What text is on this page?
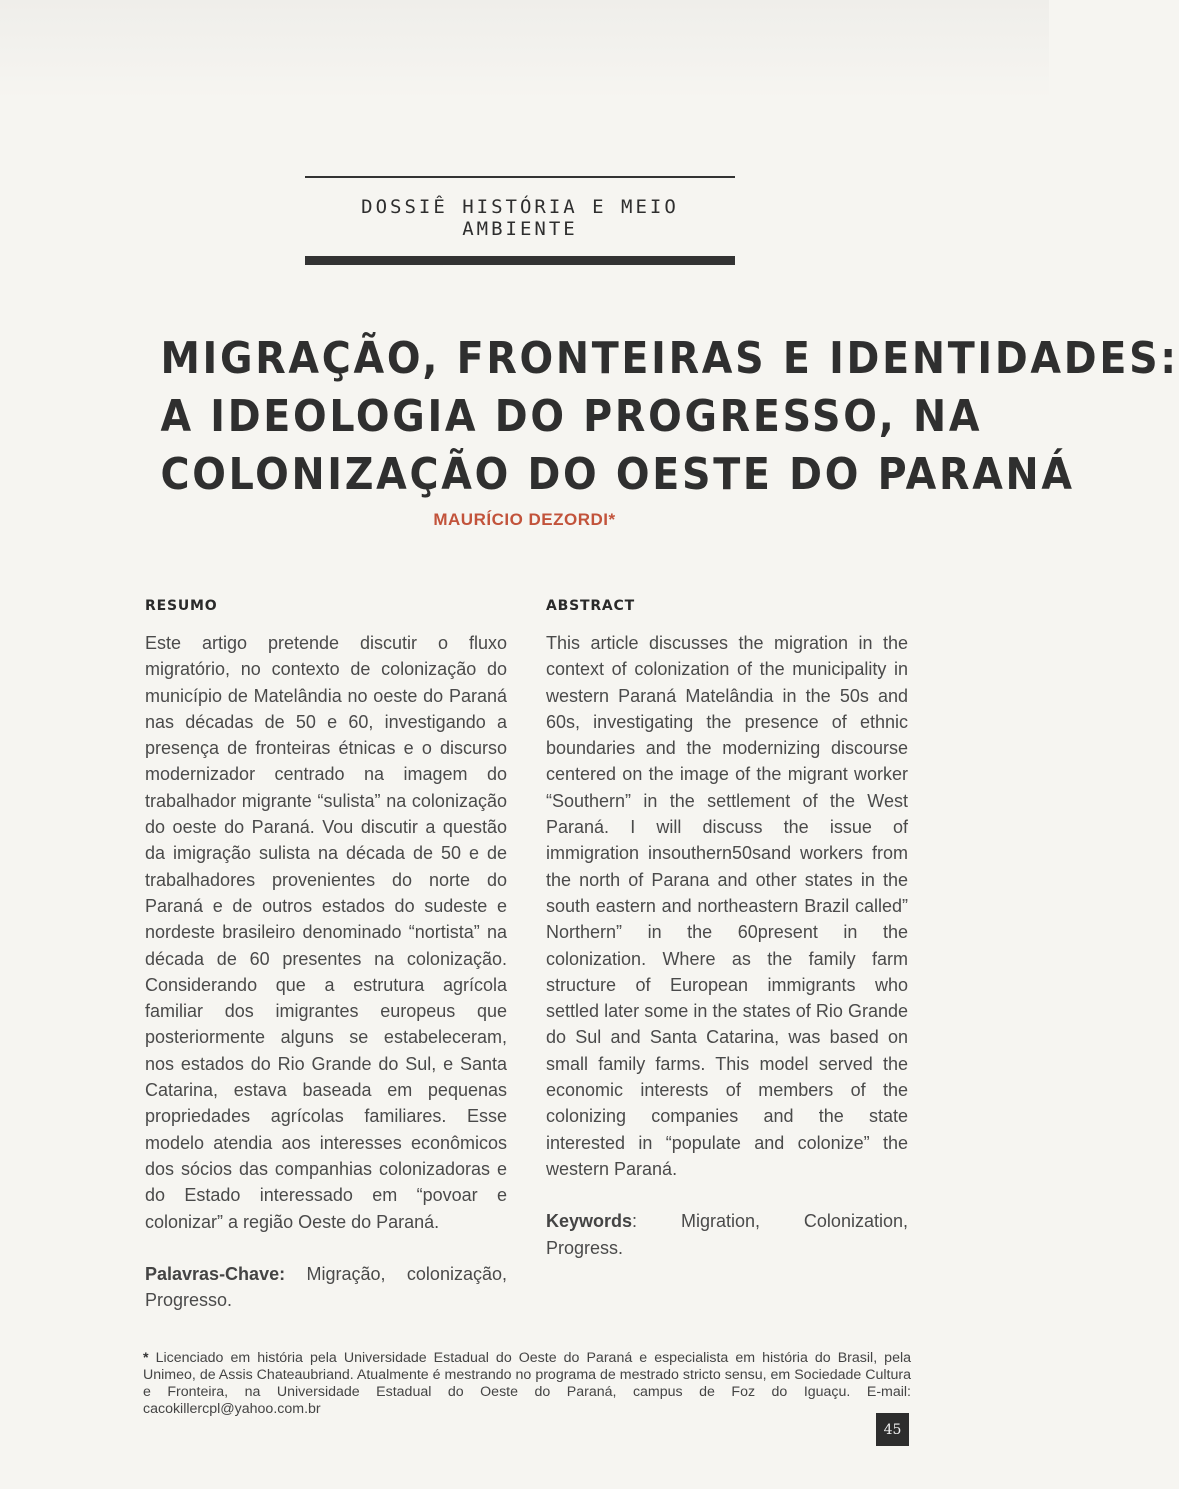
DOSSIÊ HISTÓRIA E MEIO AMBIENTE
MIGRAÇÃO, FRONTEIRAS E IDENTIDADES:
A IDEOLOGIA DO PROGRESSO, NA
COLONIZAÇÃO DO OESTE DO PARANÁ
MAURÍCIO DEZORDI*
RESUMO

Este artigo pretende discutir o fluxo migratório, no contexto de colonização do município de Matelândia no oeste do Paraná nas décadas de 50 e 60, investigando a presença de fronteiras étnicas e o discurso modernizador centrado na imagem do trabalhador migrante “sulista” na colonização do oeste do Paraná. Vou discutir a questão da imigração sulista na década de 50 e de trabalhadores provenientes do norte do Paraná e de outros estados do sudeste e nordeste brasileiro denominado “nortista” na década de 60 presentes na colonização. Considerando que a estrutura agrícola familiar dos imigrantes europeus que posteriormente alguns se estabeleceram, nos estados do Rio Grande do Sul, e Santa Catarina, estava baseada em pequenas propriedades agrícolas familiares. Esse modelo atendia aos interesses econômicos dos sócios das companhias colonizadoras e do Estado interessado em “povoar e colonizar” a região Oeste do Paraná.

Palavras-Chave: Migração, colonização, Progresso.

ABSTRACT

This article discusses the migration in the context of colonization of the municipality in western Paraná Matelândia in the 50s and 60s, investigating the presence of ethnic boundaries and the modernizing discourse centered on the image of the migrant worker “Southern” in the settlement of the West Paraná. I will discuss the issue of immigration insouthern50sand workers from the north of Parana and other states in the south eastern and northeastern Brazil called” Northern” in the 60present in the colonization. Where as the family farm structure of European immigrants who settled later some in the states of Rio Grande do Sul and Santa Catarina, was based on small family farms. This model served the economic interests of members of the colonizing companies and the state interested in “populate and colonize” the western Paraná.

Keywords: Migration, Colonization, Progress.

* Licenciado em história pela Universidade Estadual do Oeste do Paraná e especialista em história do Brasil, pela Unimeo, de Assis Chateaubriand. Atualmente é mestrando no programa de mestrado stricto sensu, em Sociedade Cultura e Fronteira, na Universidade Estadual do Oeste do Paraná, campus de Foz do Iguaçu. E-mail: cacokillercpl@yahoo.com.br
45
